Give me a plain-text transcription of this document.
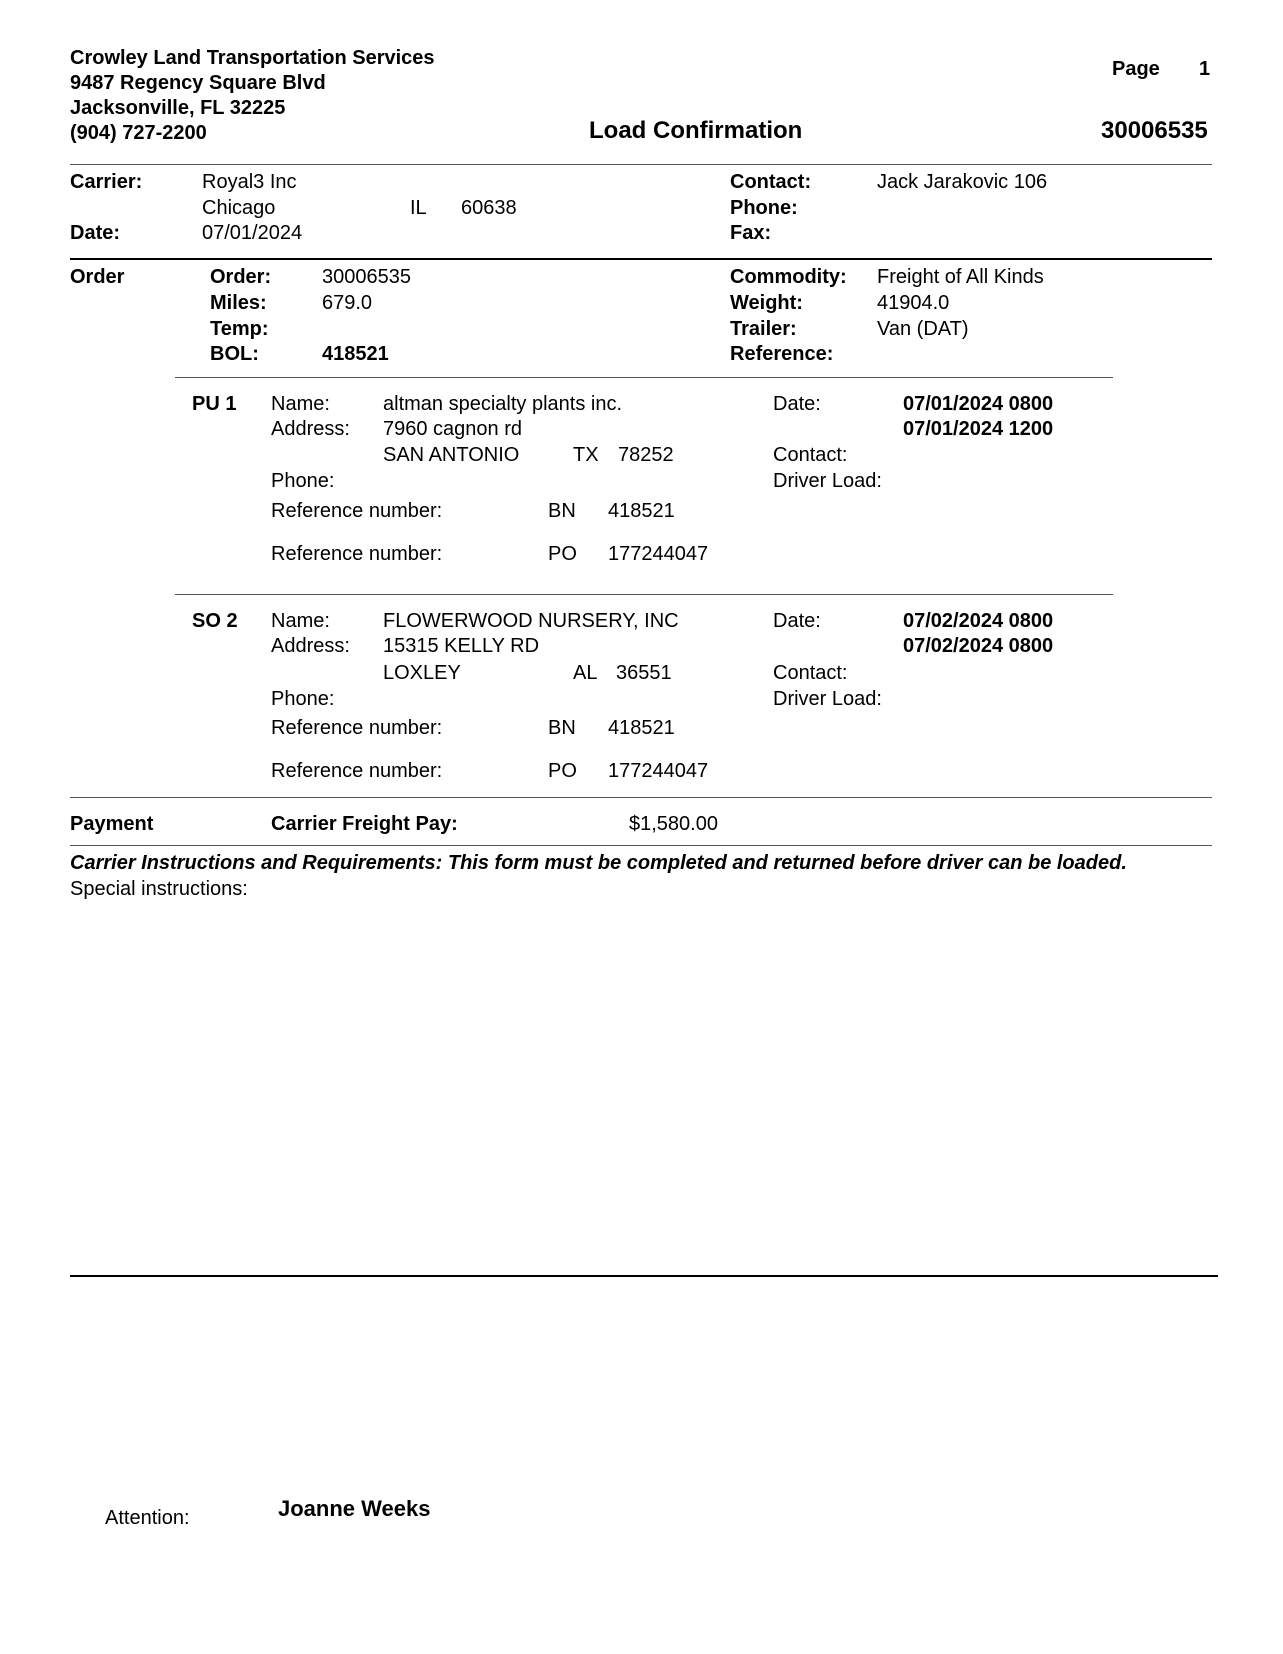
Crowley Land Transportation Services
9487 Regency Square Blvd
Jacksonville, FL 32225
(904) 727-2200	Load Confirmation
Page 1
30006535
Carrier:	Royal3 Inc
Chicago	IL 60638
Date:	07/01/2024
Contact:	Jack Jarakovic 106
Phone:
Fax:
Order	Order:	30006535
Miles:	679.0
Temp:
BOL:	418521
Commodity: Freight of All Kinds
Weight:	41904.0
Trailer:	Van (DAT)
Reference:
PU 1 Name:	altman specialty plants inc.
Address: 7960 cagnon rd
SAN ANTONIO	TX 78252
Phone:
Date:	07/01/2024 0800
07/01/2024 1200
Contact:
Driver Load:
Reference number:	BN 418521
Reference number:	PO 177244047
SO 2 Name:	FLOWERWOOD NURSERY, INC
Address: 15315 KELLY RD
LOXLEY	AL 36551
Phone:
Date:	07/02/2024 0800
07/02/2024 0800
Contact:
Driver Load:
Reference number:	BN 418521
Reference number:	PO 177244047
Payment	Carrier Freight Pay:	$1,580.00
Carrier Instructions and Requirements: This form must be completed and returned before driver can be loaded.
Special instructions:
Attention:	Joanne Weeks
